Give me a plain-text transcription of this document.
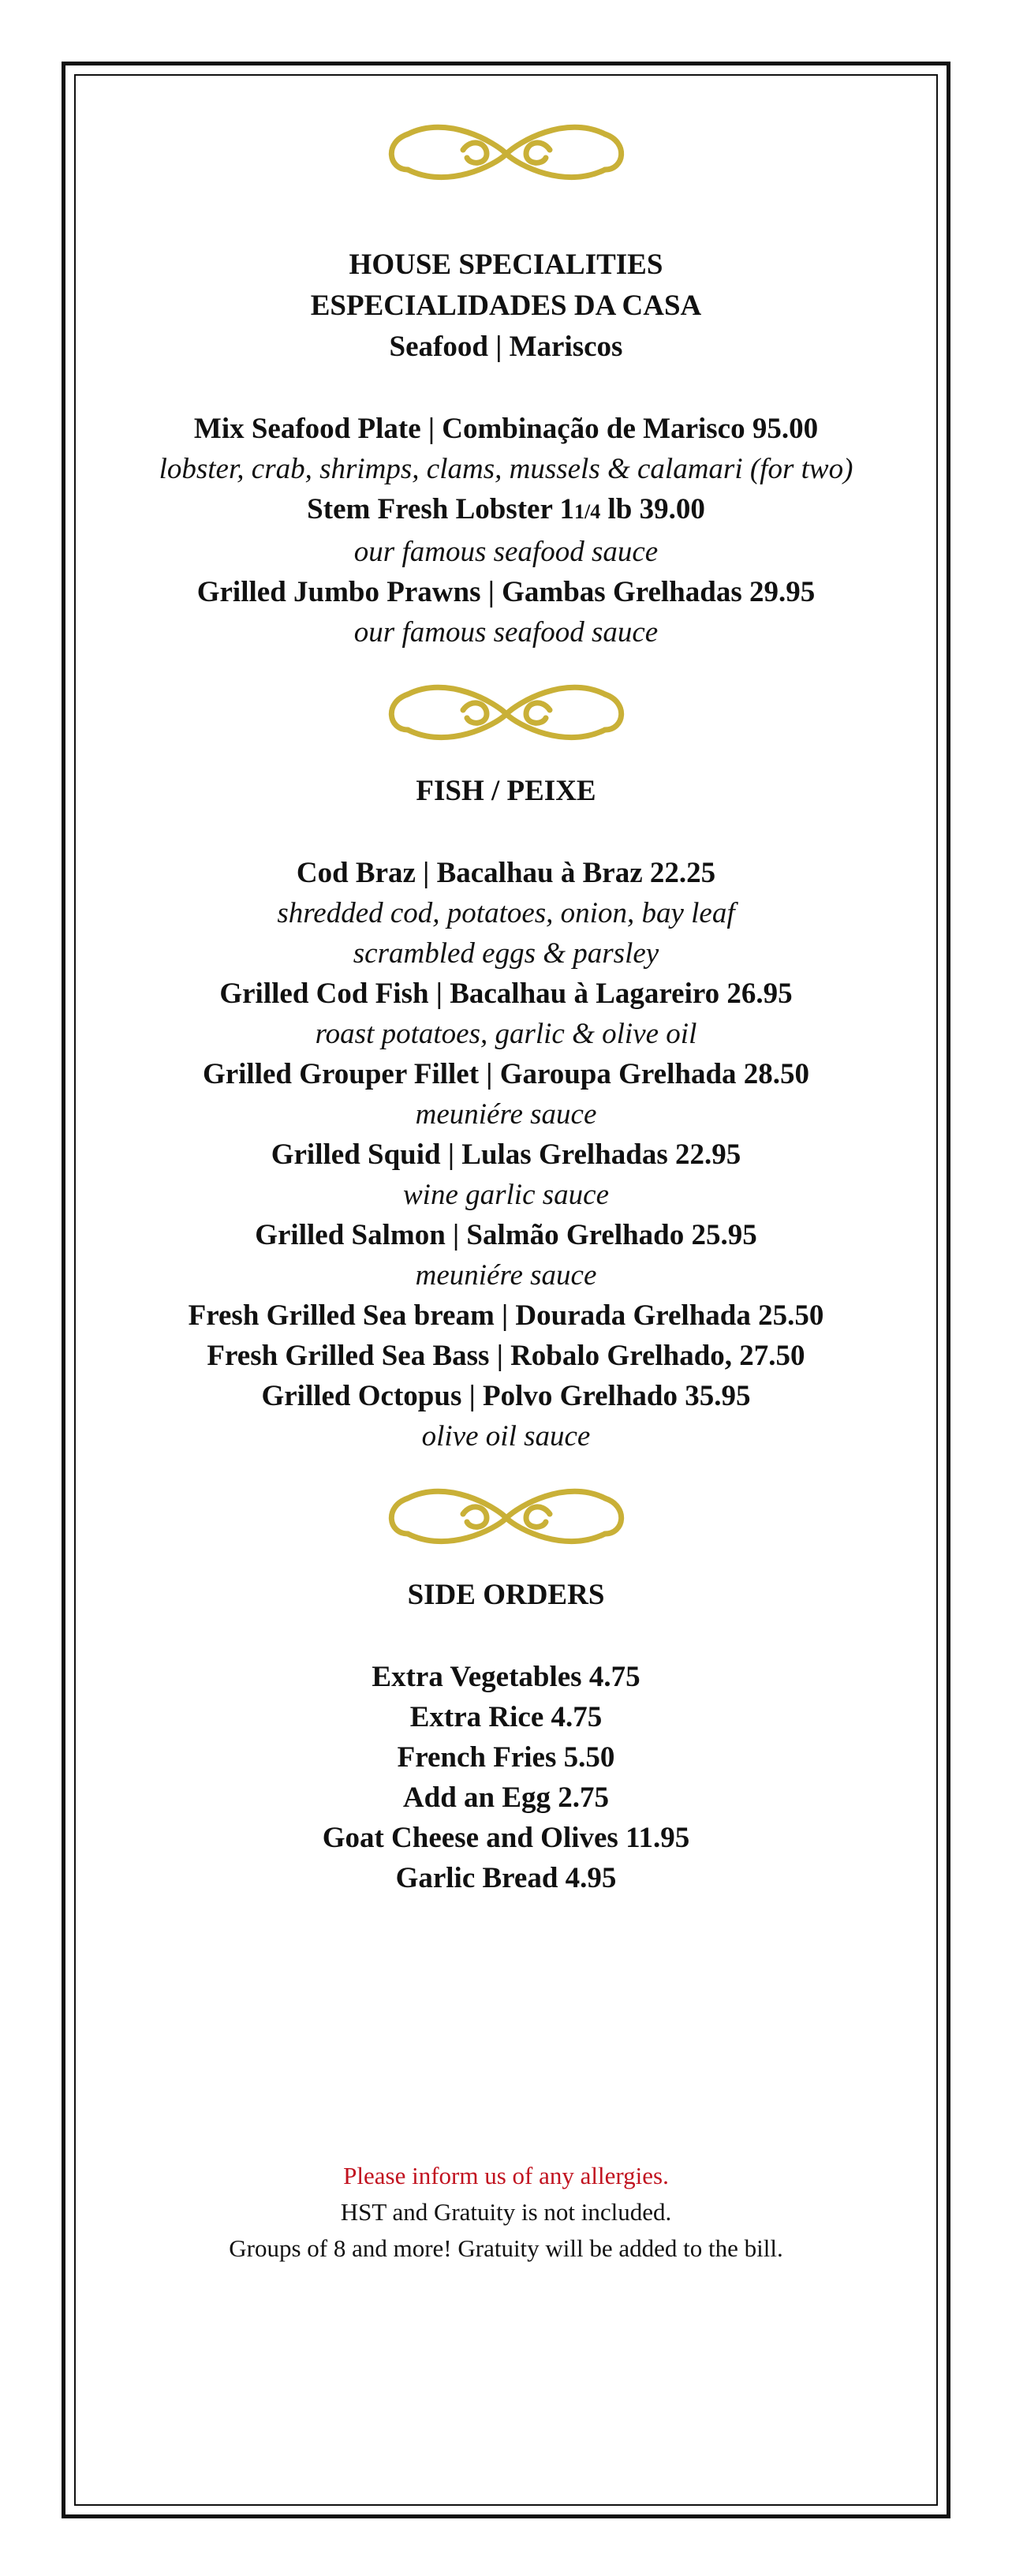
HOUSE SPECIALITIES

ESPECIALIDADES DA CASA

Seafood | Mariscos

Mix Seafood Plate | Combinação de Marisco 95.00

lobster, crab, shrimps, clams, mussels & calamari (for two)

Stem Fresh Lobster 11/4 lb 39.00

our famous seafood sauce

Grilled Jumbo Prawns | Gambas Grelhadas 29.95

our famous seafood sauce

FISH / PEIXE

Cod Braz | Bacalhau à Braz 22.25

shredded cod, potatoes, onion, bay leaf

scrambled eggs & parsley

Grilled Cod Fish | Bacalhau à Lagareiro 26.95

roast potatoes, garlic & olive oil

Grilled Grouper Fillet | Garoupa Grelhada 28.50

meuniére sauce

Grilled Squid | Lulas Grelhadas 22.95

wine garlic sauce

Grilled Salmon | Salmão Grelhado 25.95

meuniére sauce

Fresh Grilled Sea bream | Dourada Grelhada 25.50

Fresh Grilled Sea Bass | Robalo Grelhado, 27.50

Grilled Octopus | Polvo Grelhado 35.95

olive oil sauce

SIDE ORDERS

Extra Vegetables 4.75

Extra Rice 4.75

French Fries 5.50

Add an Egg 2.75

Goat Cheese and Olives 11.95

Garlic Bread 4.95

Please inform us of any allergies.
HST and Gratuity is not included.
Groups of 8 and more! Gratuity will be added to the bill.
